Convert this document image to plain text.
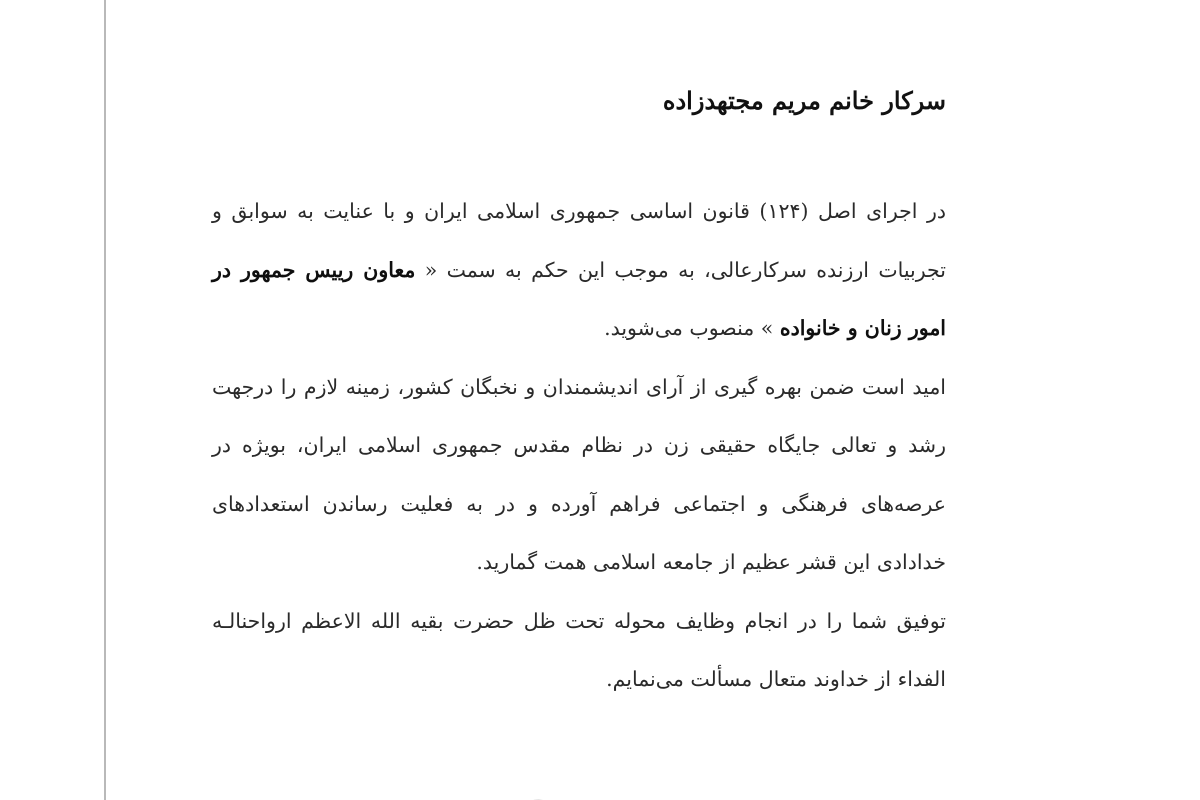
سرکار خانم مریم مجتهدزاده

در اجرای اصل (۱۲۴) قانون اساسی جمهوری اسلامی ایران و با عنایت به سوابق و تجربیات ارزنده سرکارعالی، به موجب این حکم به سمت « معاون رییس جمهور در امور زنان و خانواده » منصوب می‌شوید.

امید است ضمن بهره گیری از آرای اندیشمندان و نخبگان کشور، زمینه لازم را درجهت رشد و تعالی جایگاه حقیقی زن در نظام مقدس جمهوری اسلامی ایران، بویژه در عرصه‌های فرهنگی و اجتماعی فراهم آورده و در به فعلیت رساندن استعدادهای خدادادی این قشر عظیم از جامعه اسلامی همت گمارید.

توفیق شما را در انجام وظایف محوله تحت ظل حضرت بقیه الله الاعظم ارواحنالـه الفداء از خداوند متعال مسألت می‌نمایم.
